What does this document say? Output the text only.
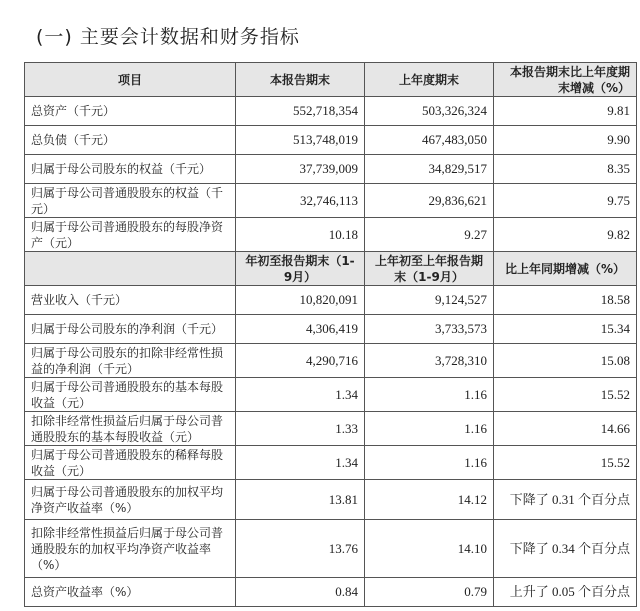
(一) 主要会计数据和财务指标
项目	本报告期末	上年度期末	本报告期末比上年度期末增减（%）
总资产（千元）	552,718,354	503,326,324	9.81
总负债（千元）	513,748,019	467,483,050	9.90
归属于母公司股东的权益（千元）	37,739,009	34,829,517	8.35
归属于母公司普通股股东的权益（千元）	32,746,113	29,836,621	9.75
归属于母公司普通股股东的每股净资产（元）	10.18	9.27	9.82
	年初至报告期末（1-9月）	上年初至上年报告期末（1-9月）	比上年同期增减（%）
营业收入（千元）	10,820,091	9,124,527	18.58
归属于母公司股东的净利润（千元）	4,306,419	3,733,573	15.34
归属于母公司股东的扣除非经常性损益的净利润（千元）	4,290,716	3,728,310	15.08
归属于母公司普通股股东的基本每股收益（元）	1.34	1.16	15.52
扣除非经常性损益后归属于母公司普通股股东的基本每股收益（元）	1.33	1.16	14.66
归属于母公司普通股股东的稀释每股收益（元）	1.34	1.16	15.52
归属于母公司普通股股东的加权平均净资产收益率（%）	13.81	14.12	下降了 0.31 个百分点
扣除非经常性损益后归属于母公司普通股股东的加权平均净资产收益率（%）	13.76	14.10	下降了 0.34 个百分点
总资产收益率（%）	0.84	0.79	上升了 0.05 个百分点
